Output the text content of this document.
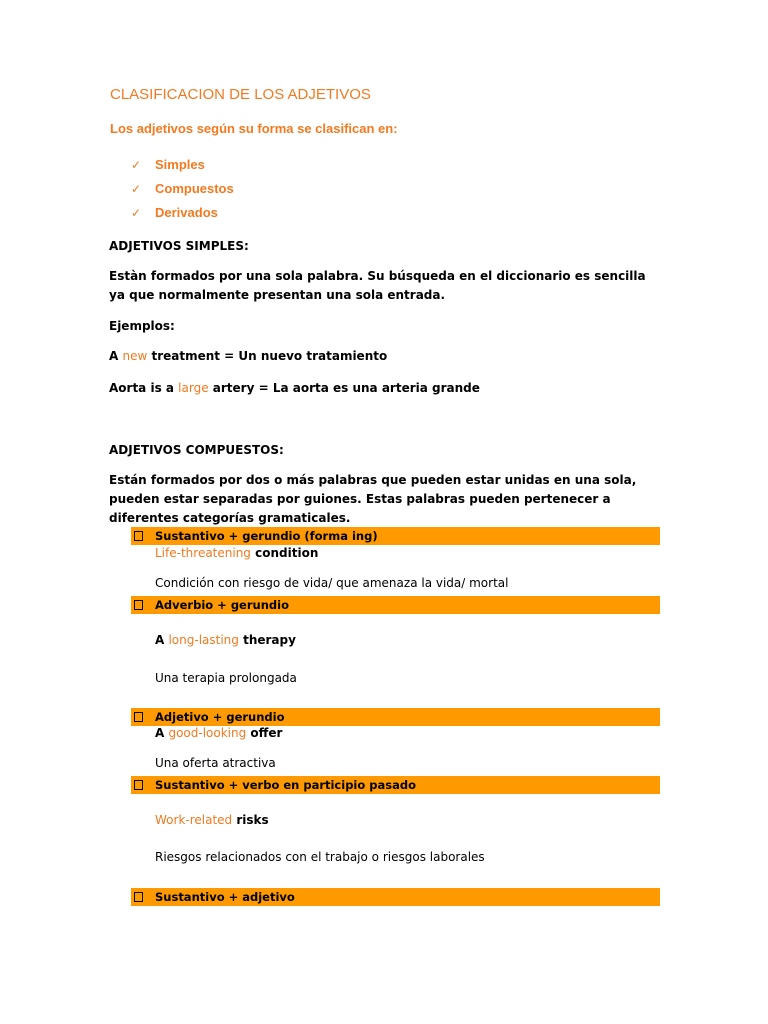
CLASIFICACION DE LOS ADJETIVOS
Los adjetivos según su forma se clasifican en:
✓ Simples
✓ Compuestos
✓ Derivados
ADJETIVOS SIMPLES:
Estàn formados por una sola palabra. Su búsqueda en el diccionario es sencilla ya que normalmente presentan una sola entrada.
Ejemplos:
A new treatment = Un nuevo tratamiento
Aorta is a large artery = La aorta es una arteria grande
ADJETIVOS COMPUESTOS:
Están formados por dos o más palabras que pueden estar unidas en una sola, pueden estar separadas por guiones. Estas palabras pueden pertenecer a diferentes categorías gramaticales.
Sustantivo + gerundio (forma ing)
Life-threatening condition
Condición con riesgo de vida/ que amenaza la vida/ mortal
Adverbio + gerundio
A long-lasting therapy
Una terapia prolongada
Adjetivo + gerundio
A good-looking offer
Una oferta atractiva
Sustantivo + verbo en participio pasado
Work-related risks
Riesgos relacionados con el trabajo o riesgos laborales
Sustantivo + adjetivo
